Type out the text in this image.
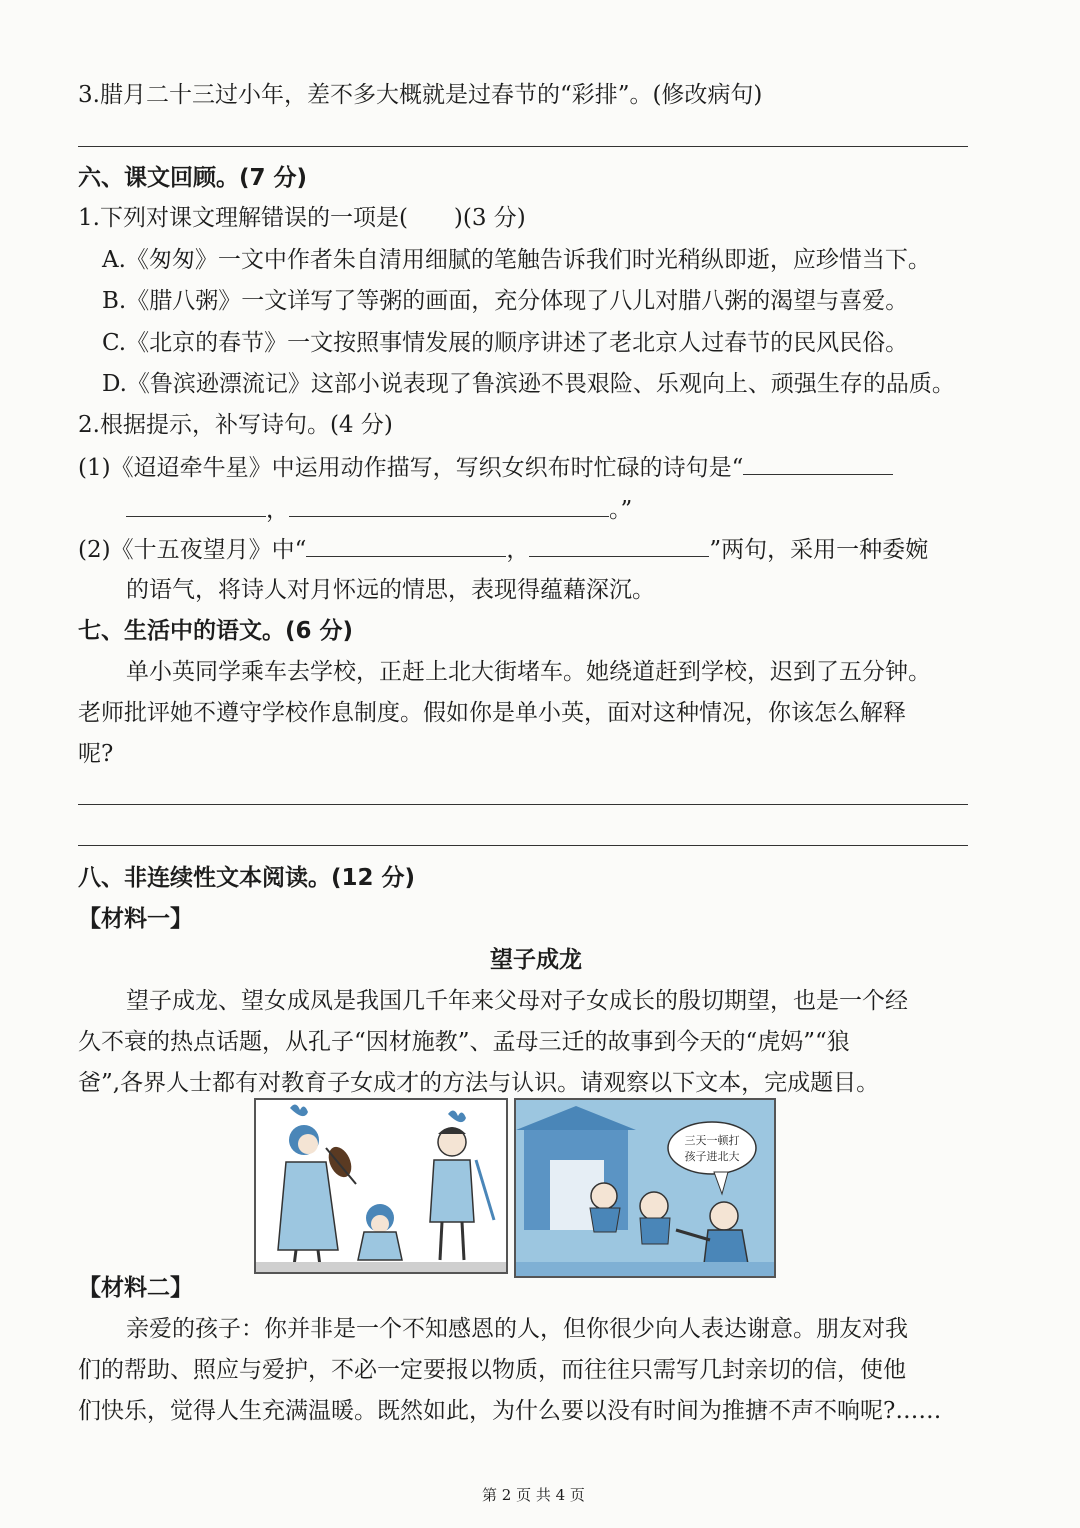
3.腊月二十三过小年，差不多大概就是过春节的“彩排”。(修改病句)
六、课文回顾。(7 分)
1.下列对课文理解错误的一项是(　　)(3 分)
A.《匆匆》一文中作者朱自清用细腻的笔触告诉我们时光稍纵即逝，应珍惜当下。
B.《腊八粥》一文详写了等粥的画面，充分体现了八儿对腊八粥的渴望与喜爱。
C.《北京的春节》一文按照事情发展的顺序讲述了老北京人过春节的民风民俗。
D.《鲁滨逊漂流记》这部小说表现了鲁滨逊不畏艰险、乐观向上、顽强生存的品质。
2.根据提示，补写诗句。(4 分)
(1)《迢迢牵牛星》中运用动作描写，写织女织布时忙碌的诗句是“
，	。”
(2)《十五夜望月》中“	，	”两句，采用一种委婉
的语气，将诗人对月怀远的情思，表现得蕴藉深沉。
七、生活中的语文。(6 分)
单小英同学乘车去学校，正赶上北大街堵车。她绕道赶到学校，迟到了五分钟。
老师批评她不遵守学校作息制度。假如你是单小英，面对这种情况，你该怎么解释
呢?
八、非连续性文本阅读。(12 分)
【材料一】
望子成龙
望子成龙、望女成凤是我国几千年来父母对子女成长的殷切期望，也是一个经
久不衰的热点话题，从孔子“因材施教”、孟母三迁的故事到今天的“虎妈”“狼
爸”,各界人士都有对教育子女成才的方法与认识。请观察以下文本，完成题目。
三天一顿打
孩子进北大
【材料二】
亲爱的孩子：你并非是一个不知感恩的人，但你很少向人表达谢意。朋友对我
们的帮助、照应与爱护，不必一定要报以物质，而往往只需写几封亲切的信，使他
们快乐，觉得人生充满温暖。既然如此，为什么要以没有时间为推搪不声不响呢?……
第 2 页 共 4 页
